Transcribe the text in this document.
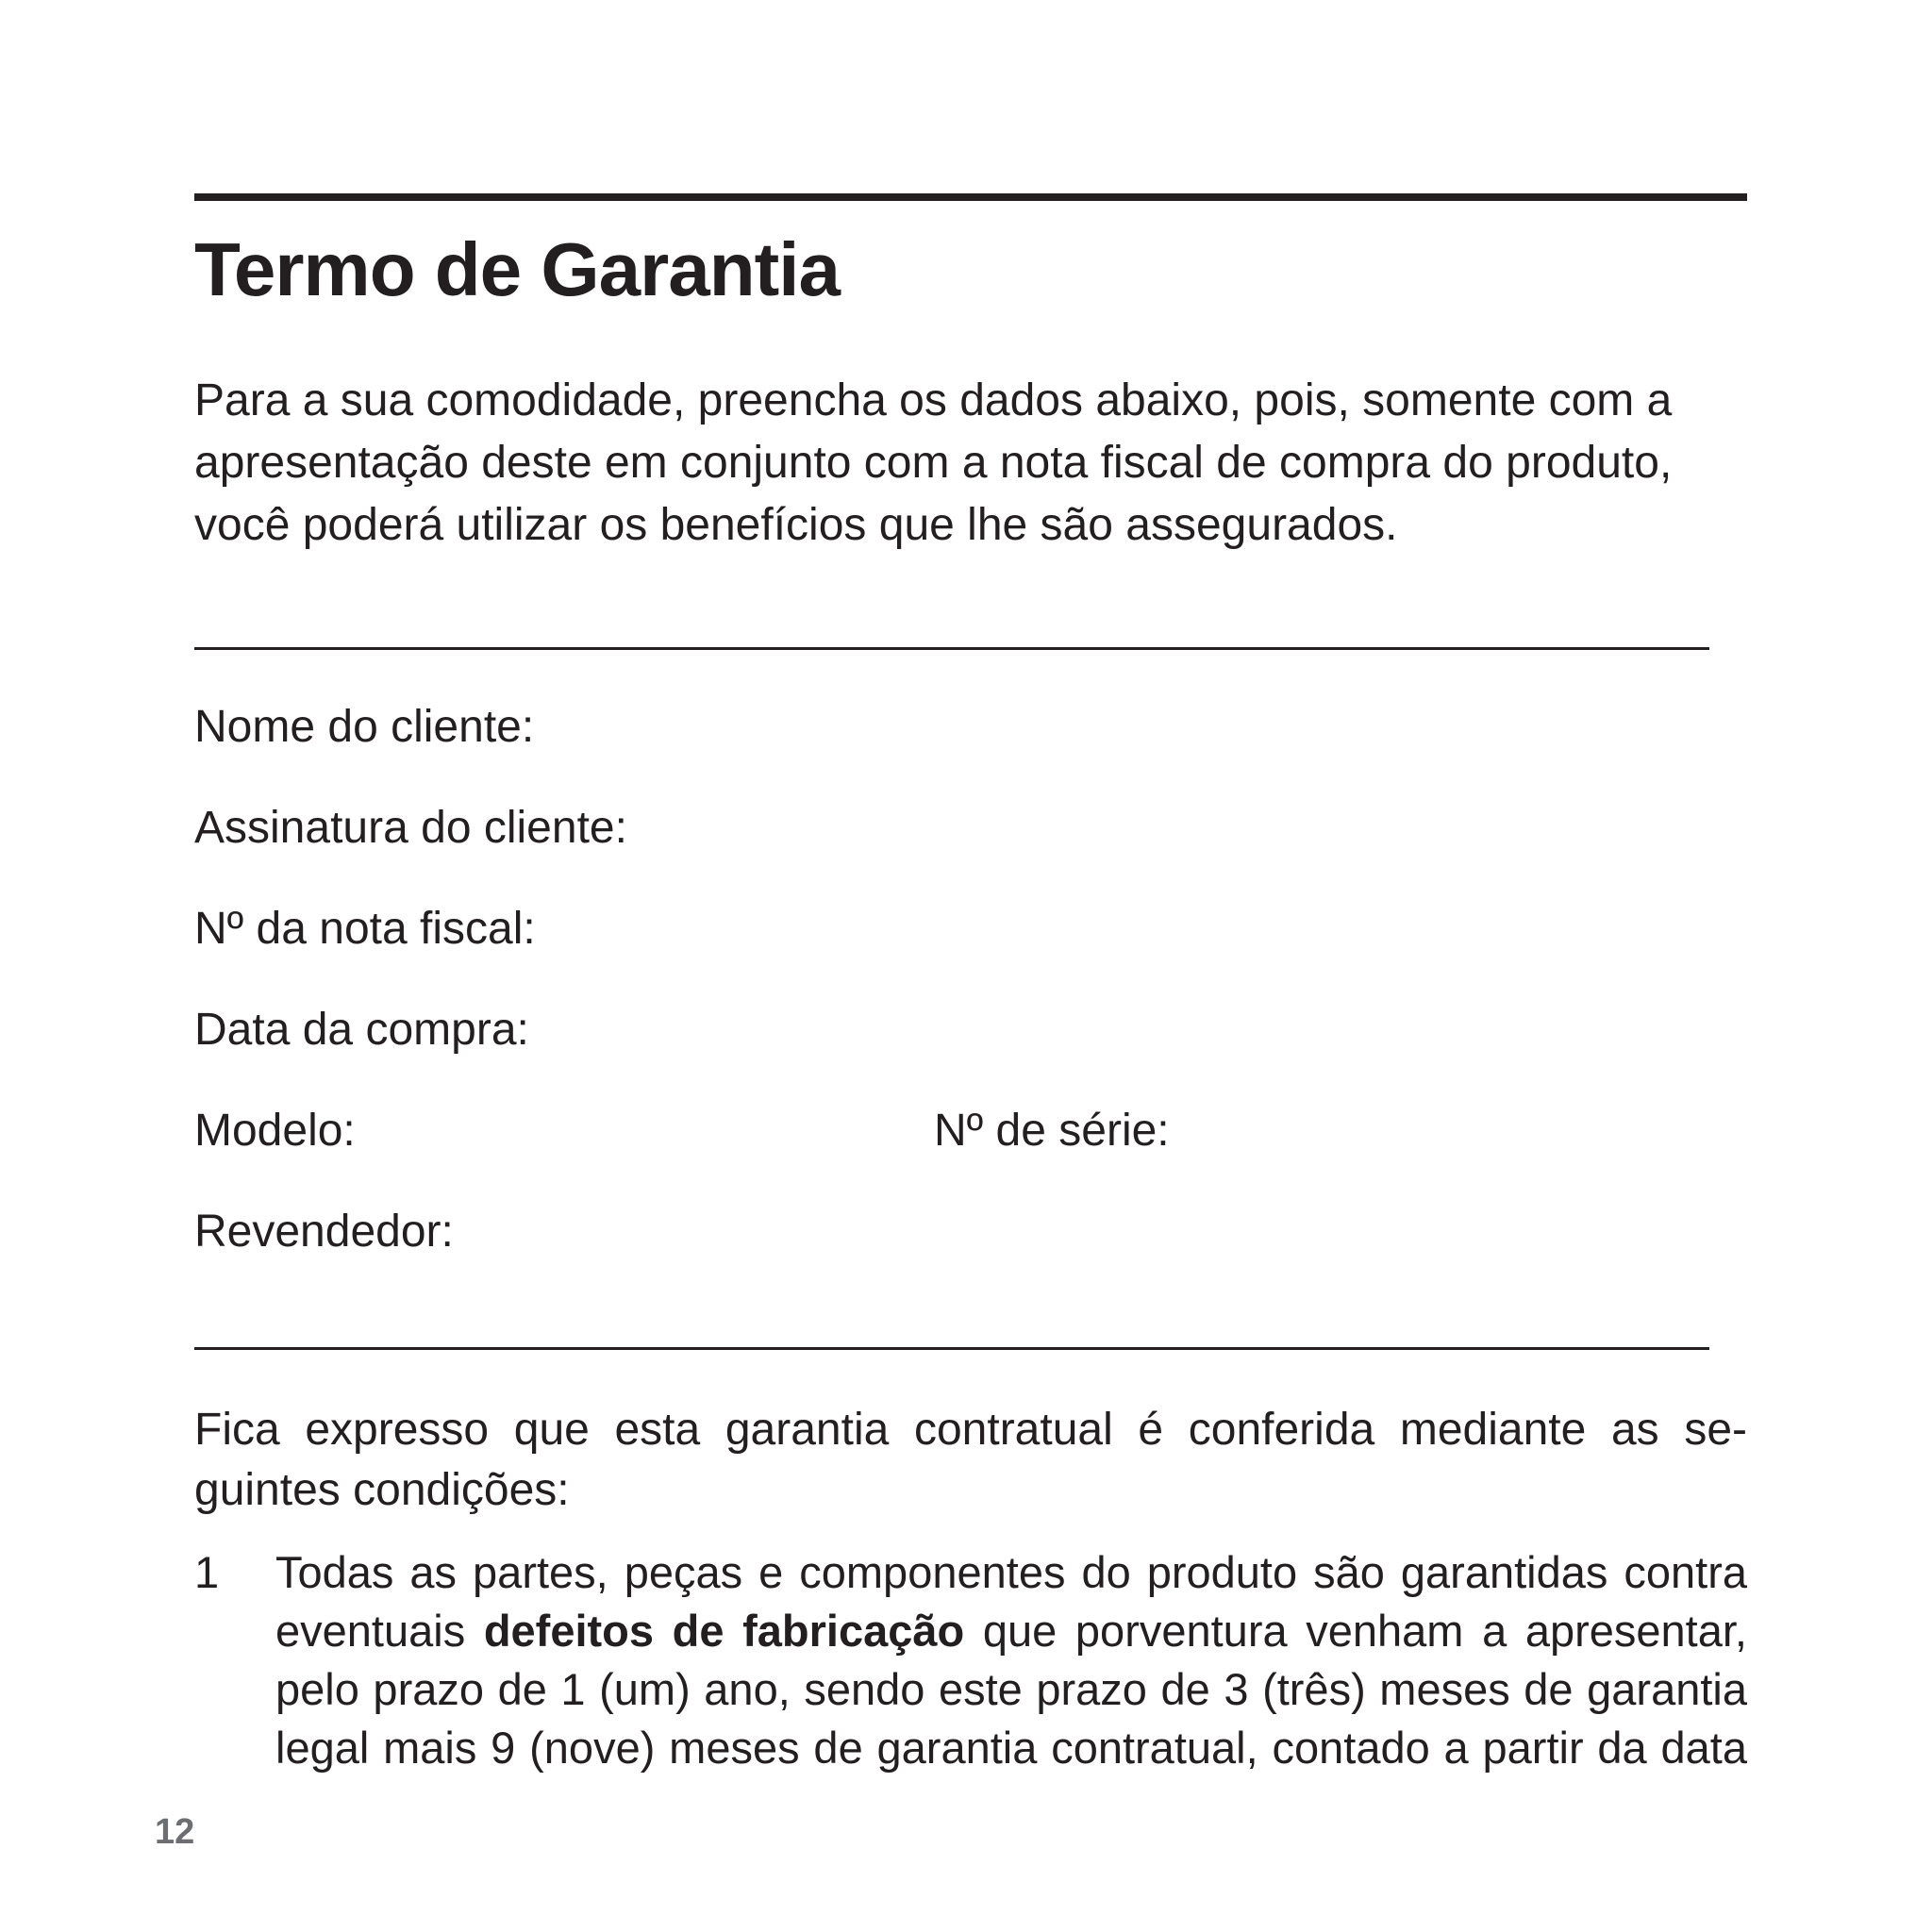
Termo de Garantia
Para a sua comodidade, preencha os dados abaixo, pois, somente com a
apresentação deste em conjunto com a nota fiscal de compra do produto,
você poderá utilizar os benefícios que lhe são assegurados.
Nome do cliente:
Assinatura do cliente:
Nº da nota fiscal:
Data da compra:
Modelo:	Nº de série:
Revendedor:
Fica expresso que esta garantia contratual é conferida mediante as se-
guintes condições:
1 Todas as partes, peças e componentes do produto são garantidas contra
eventuais defeitos de fabricação que porventura venham a apresentar,
pelo prazo de 1 (um) ano, sendo este prazo de 3 (três) meses de garantia
legal mais 9 (nove) meses de garantia contratual, contado a partir da data
12
